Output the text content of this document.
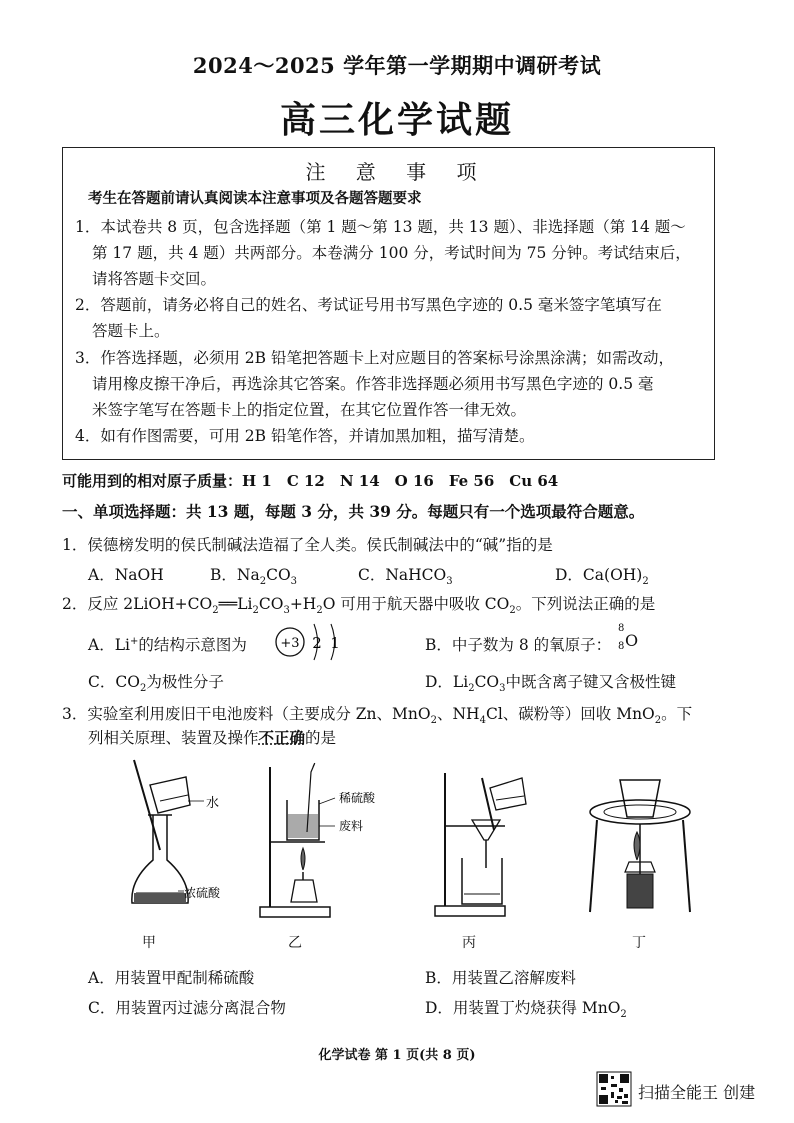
2024～2025 学年第一学期期中调研考试
高三化学试题
注 意 事 项
考生在答题前请认真阅读本注意事项及各题答题要求
1．本试卷共 8 页，包含选择题（第 1 题～第 13 题，共 13 题）、非选择题（第 14 题～
第 17 题，共 4 题）共两部分。本卷满分 100 分，考试时间为 75 分钟。考试结束后，
请将答题卡交回。
2．答题前，请务必将自己的姓名、考试证号用书写黑色字迹的 0.5 毫米签字笔填写在
答题卡上。
3．作答选择题，必须用 2B 铅笔把答题卡上对应题目的答案标号涂黑涂满；如需改动，
请用橡皮擦干净后，再选涂其它答案。作答非选择题必须用书写黑色字迹的 0.5 毫
米签字笔写在答题卡上的指定位置，在其它位置作答一律无效。
4．如有作图需要，可用 2B 铅笔作答，并请加黑加粗，描写清楚。
可能用到的相对原子质量：H 1　C 12　N 14　O 16　Fe 56　Cu 64
一、单项选择题：共 13 题，每题 3 分，共 39 分。每题只有一个选项最符合题意。
1．侯德榜发明的侯氏制碱法造福了全人类。侯氏制碱法中的“碱”指的是
A．NaOH	B．$Na_2CO_3$	C．NaHCO$_3$	D．$Ca(OH)_2$
2．反应 $2LiOH+CO_2══Li_2CO_3+H_2O$ 可用于航天器中吸收 $CO_2$。下列说法正确的是
A．Li+的结构示意图为	+3 2 1	B．中子数为 8 的氧原子：
8
8 O
C．$CO_2$为极性分子	D．$Li_2CO_3$中既含离子键又含极性键
3．实验室利用废旧干电池废料（主要成分 Zn、MnO$_2$、$NH_4Cl$、碳粉等）回收 MnO$_2$。下
列相关原理、装置及操作不正确的是
水
浓硫酸
甲
稀硫酸
废料
乙	丙	丁
A．用装置甲配制稀硫酸	B．用装置乙溶解废料
C．用装置丙过滤分离混合物	D．用装置丁灼烧获得 MnO$_2$
化学试卷 第 1 页(共 8 页)
扫描全能王 创建
